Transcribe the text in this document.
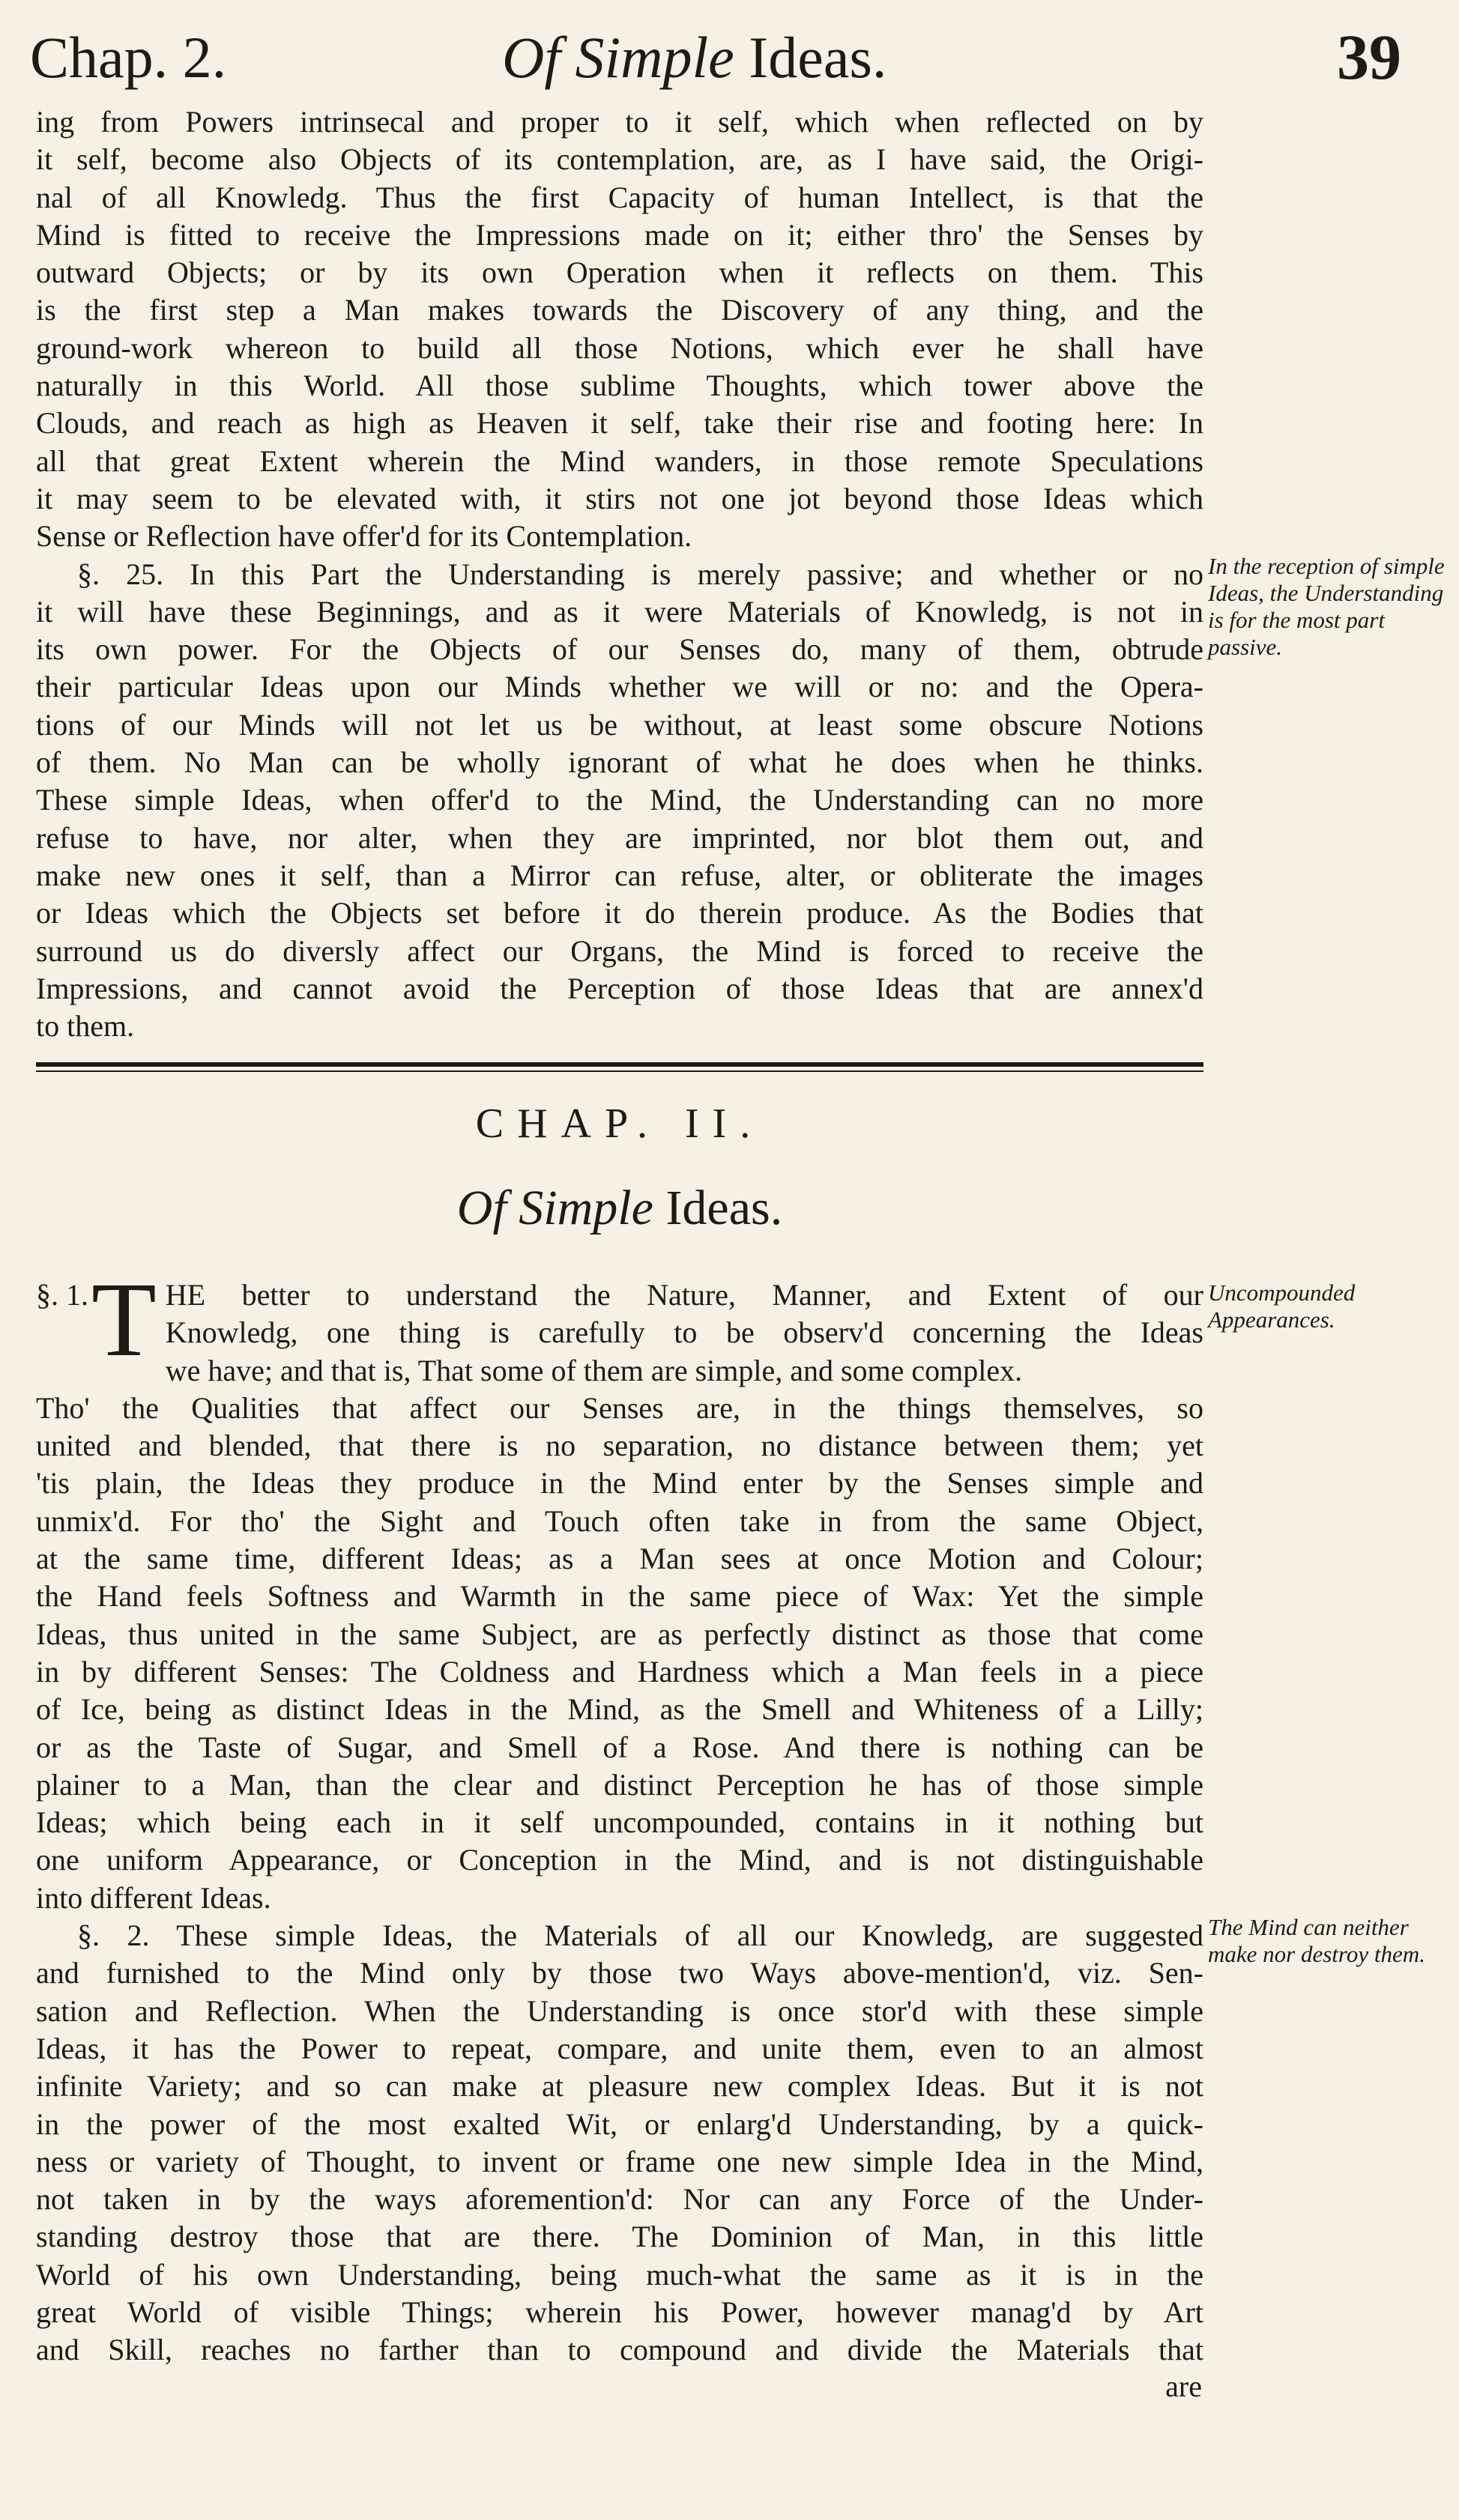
Chap. 2.	Of Simple Ideas.	39
ing from Powers intrinsecal and proper to it self, which when reflected on by
it self, become also Objects of its contemplation, are, as I have said, the Origi-
nal of all Knowledg. Thus the first Capacity of human Intellect, is that the
Mind is fitted to receive the Impressions made on it; either thro' the Senses by
outward Objects; or by its own Operation when it reflects on them. This
is the first step a Man makes towards the Discovery of any thing, and the
ground-work whereon to build all those Notions, which ever he shall have
naturally in this World. All those sublime Thoughts, which tower above the
Clouds, and reach as high as Heaven it self, take their rise and footing here: In
all that great Extent wherein the Mind wanders, in those remote Speculations
it may seem to be elevated with, it stirs not one jot beyond those Ideas which
Sense or Reflection have offer'd for its Contemplation.
§. 25. In this Part the Understanding is merely passive; and whether or no
it will have these Beginnings, and as it were Materials of Knowledg, is not in
its own power. For the Objects of our Senses do, many of them, obtrude
their particular Ideas upon our Minds whether we will or no: and the Opera-
tions of our Minds will not let us be without, at least some obscure Notions
of them. No Man can be wholly ignorant of what he does when he thinks.
These simple Ideas, when offer'd to the Mind, the Understanding can no more
refuse to have, nor alter, when they are imprinted, nor blot them out, and
make new ones it self, than a Mirror can refuse, alter, or obliterate the images
or Ideas which the Objects set before it do therein produce. As the Bodies that
surround us do diversly affect our Organs, the Mind is forced to receive the
Impressions, and cannot avoid the Perception of those Ideas that are annex'd
to them.
In the reception of simple Ideas, the Understanding is for the most part passive.
CHAP. II.
Of Simple Ideas.
Uncompounded Appearances.
§. 1. T HE better to understand the Nature, Manner, and Extent of our
Knowledg, one thing is carefully to be observ'd concerning the Ideas
we have; and that is, That some of them are simple, and some complex.
Tho' the Qualities that affect our Senses are, in the things themselves, so
united and blended, that there is no separation, no distance between them; yet
'tis plain, the Ideas they produce in the Mind enter by the Senses simple and
unmix'd. For tho' the Sight and Touch often take in from the same Object,
at the same time, different Ideas; as a Man sees at once Motion and Colour;
the Hand feels Softness and Warmth in the same piece of Wax: Yet the simple
Ideas, thus united in the same Subject, are as perfectly distinct as those that come
in by different Senses: The Coldness and Hardness which a Man feels in a piece
of Ice, being as distinct Ideas in the Mind, as the Smell and Whiteness of a Lilly;
or as the Taste of Sugar, and Smell of a Rose. And there is nothing can be
plainer to a Man, than the clear and distinct Perception he has of those simple
Ideas; which being each in it self uncompounded, contains in it nothing but
one uniform Appearance, or Conception in the Mind, and is not distinguishable
into different Ideas.
§. 2. These simple Ideas, the Materials of all our Knowledg, are suggested
and furnished to the Mind only by those two Ways above-mention'd, viz. Sen-
sation and Reflection. When the Understanding is once stor'd with these simple
Ideas, it has the Power to repeat, compare, and unite them, even to an almost
infinite Variety; and so can make at pleasure new complex Ideas. But it is not
in the power of the most exalted Wit, or enlarg'd Understanding, by a quick-
ness or variety of Thought, to invent or frame one new simple Idea in the Mind,
not taken in by the ways aforemention'd: Nor can any Force of the Under-
standing destroy those that are there. The Dominion of Man, in this little
World of his own Understanding, being much-what the same as it is in the
great World of visible Things; wherein his Power, however manag'd by Art
and Skill, reaches no farther than to compound and divide the Materials that
The Mind can neither make nor destroy them.
are
